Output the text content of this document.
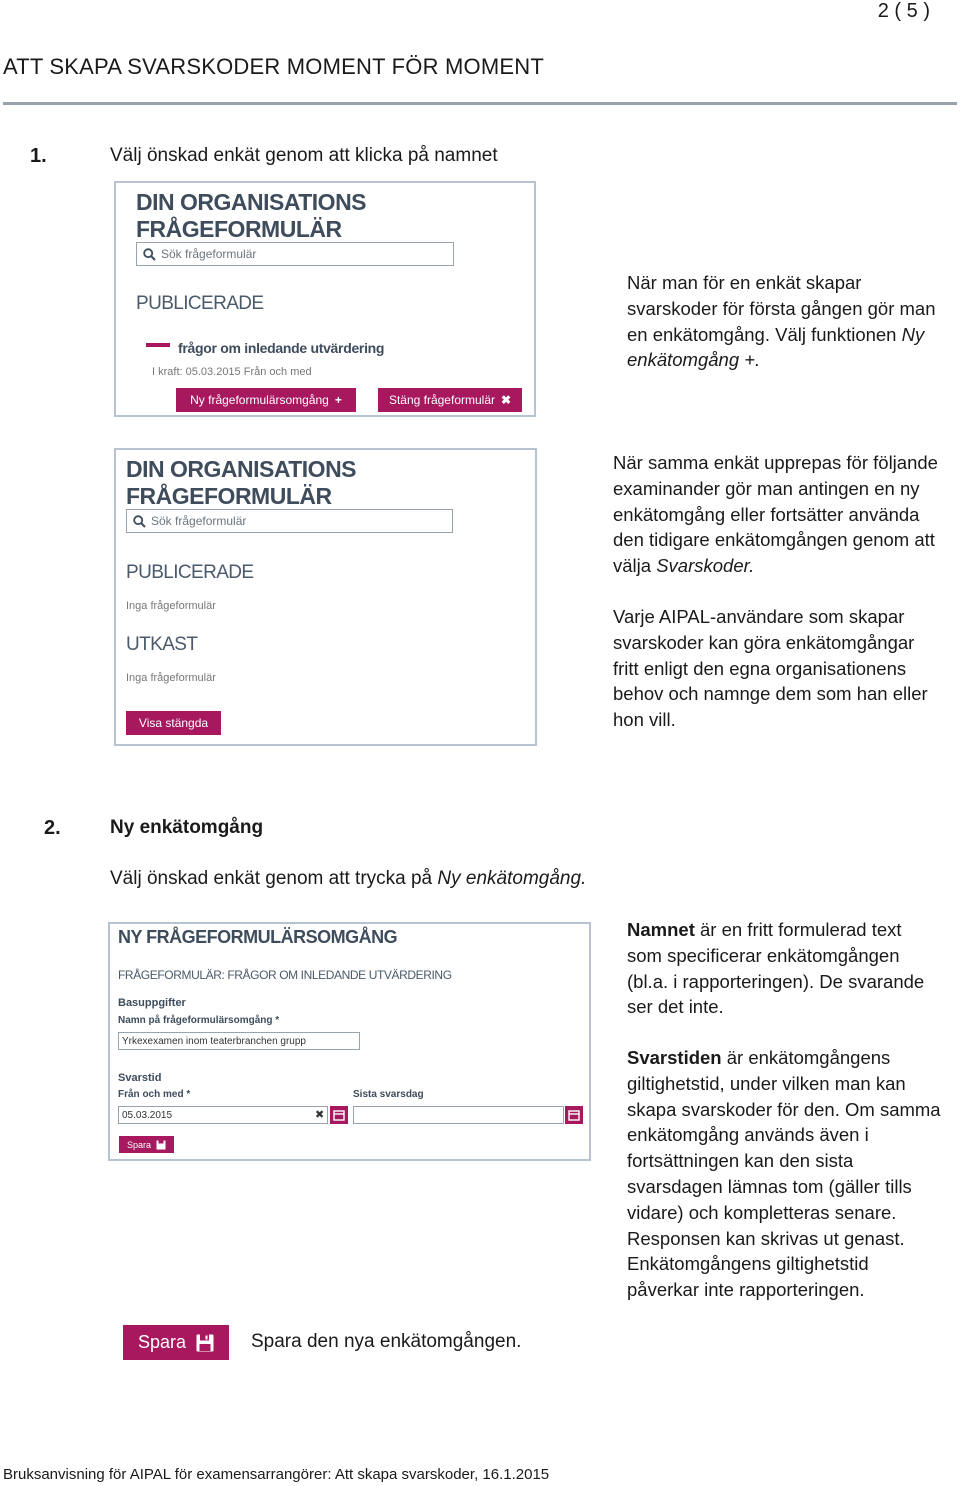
2 ( 5 )
ATT SKAPA SVARSKODER MOMENT FÖR MOMENT
1.	Välj önskad enkät genom att klicka på namnet
DIN ORGANISATIONS FRÅGEFORMULÄR
Sök frågeformulär
PUBLICERADE
frågor om inledande utvärdering
I kraft: 05.03.2015 Från och med
Ny frågeformulärsomgång +	Stäng frågeformulär ✖
När man för en enkät skapar
svarskoder för första gången gör man
en enkätomgång. Välj funktionen Ny
enkätomgång +.
DIN ORGANISATIONS FRÅGEFORMULÄR
Sök frågeformulär
PUBLICERADE
Inga frågeformulär
UTKAST
Inga frågeformulär
Visa stängda
När samma enkät upprepas för följande
examinander gör man antingen en ny
enkätomgång eller fortsätter använda
den tidigare enkätomgången genom att
välja Svarskoder.
Varje AIPAL-användare som skapar
svarskoder kan göra enkätomgångar
fritt enligt den egna organisationens
behov och namnge dem som han eller
hon vill.
2.	Ny enkätomgång
Välj önskad enkät genom att trycka på Ny enkätomgång.
NY FRÅGEFORMULÄRSOMGÅNG
FRÅGEFORMULÄR: FRÅGOR OM INLEDANDE UTVÄRDERING
Basuppgifter
Namn på frågeformulärsomgång *
Yrkexexamen inom teaterbranchen grupp
Svarstid
Från och med *
05.03.2015	✖
Sista svarsdag
Spara
Namnet är en fritt formulerad text
som specificerar enkätomgången
(bl.a. i rapporteringen). De svarande
ser det inte.
Svarstiden är enkätomgångens
giltighetstid, under vilken man kan
skapa svarskoder för den. Om samma
enkätomgång används även i
fortsättningen kan den sista
svarsdagen lämnas tom (gäller tills
vidare) och kompletteras senare.
Responsen kan skrivas ut genast.
Enkätomgångens giltighetstid
påverkar inte rapporteringen.
Spara	Spara den nya enkätomgången.
Bruksanvisning för AIPAL för examensarrangörer: Att skapa svarskoder, 16.1.2015
